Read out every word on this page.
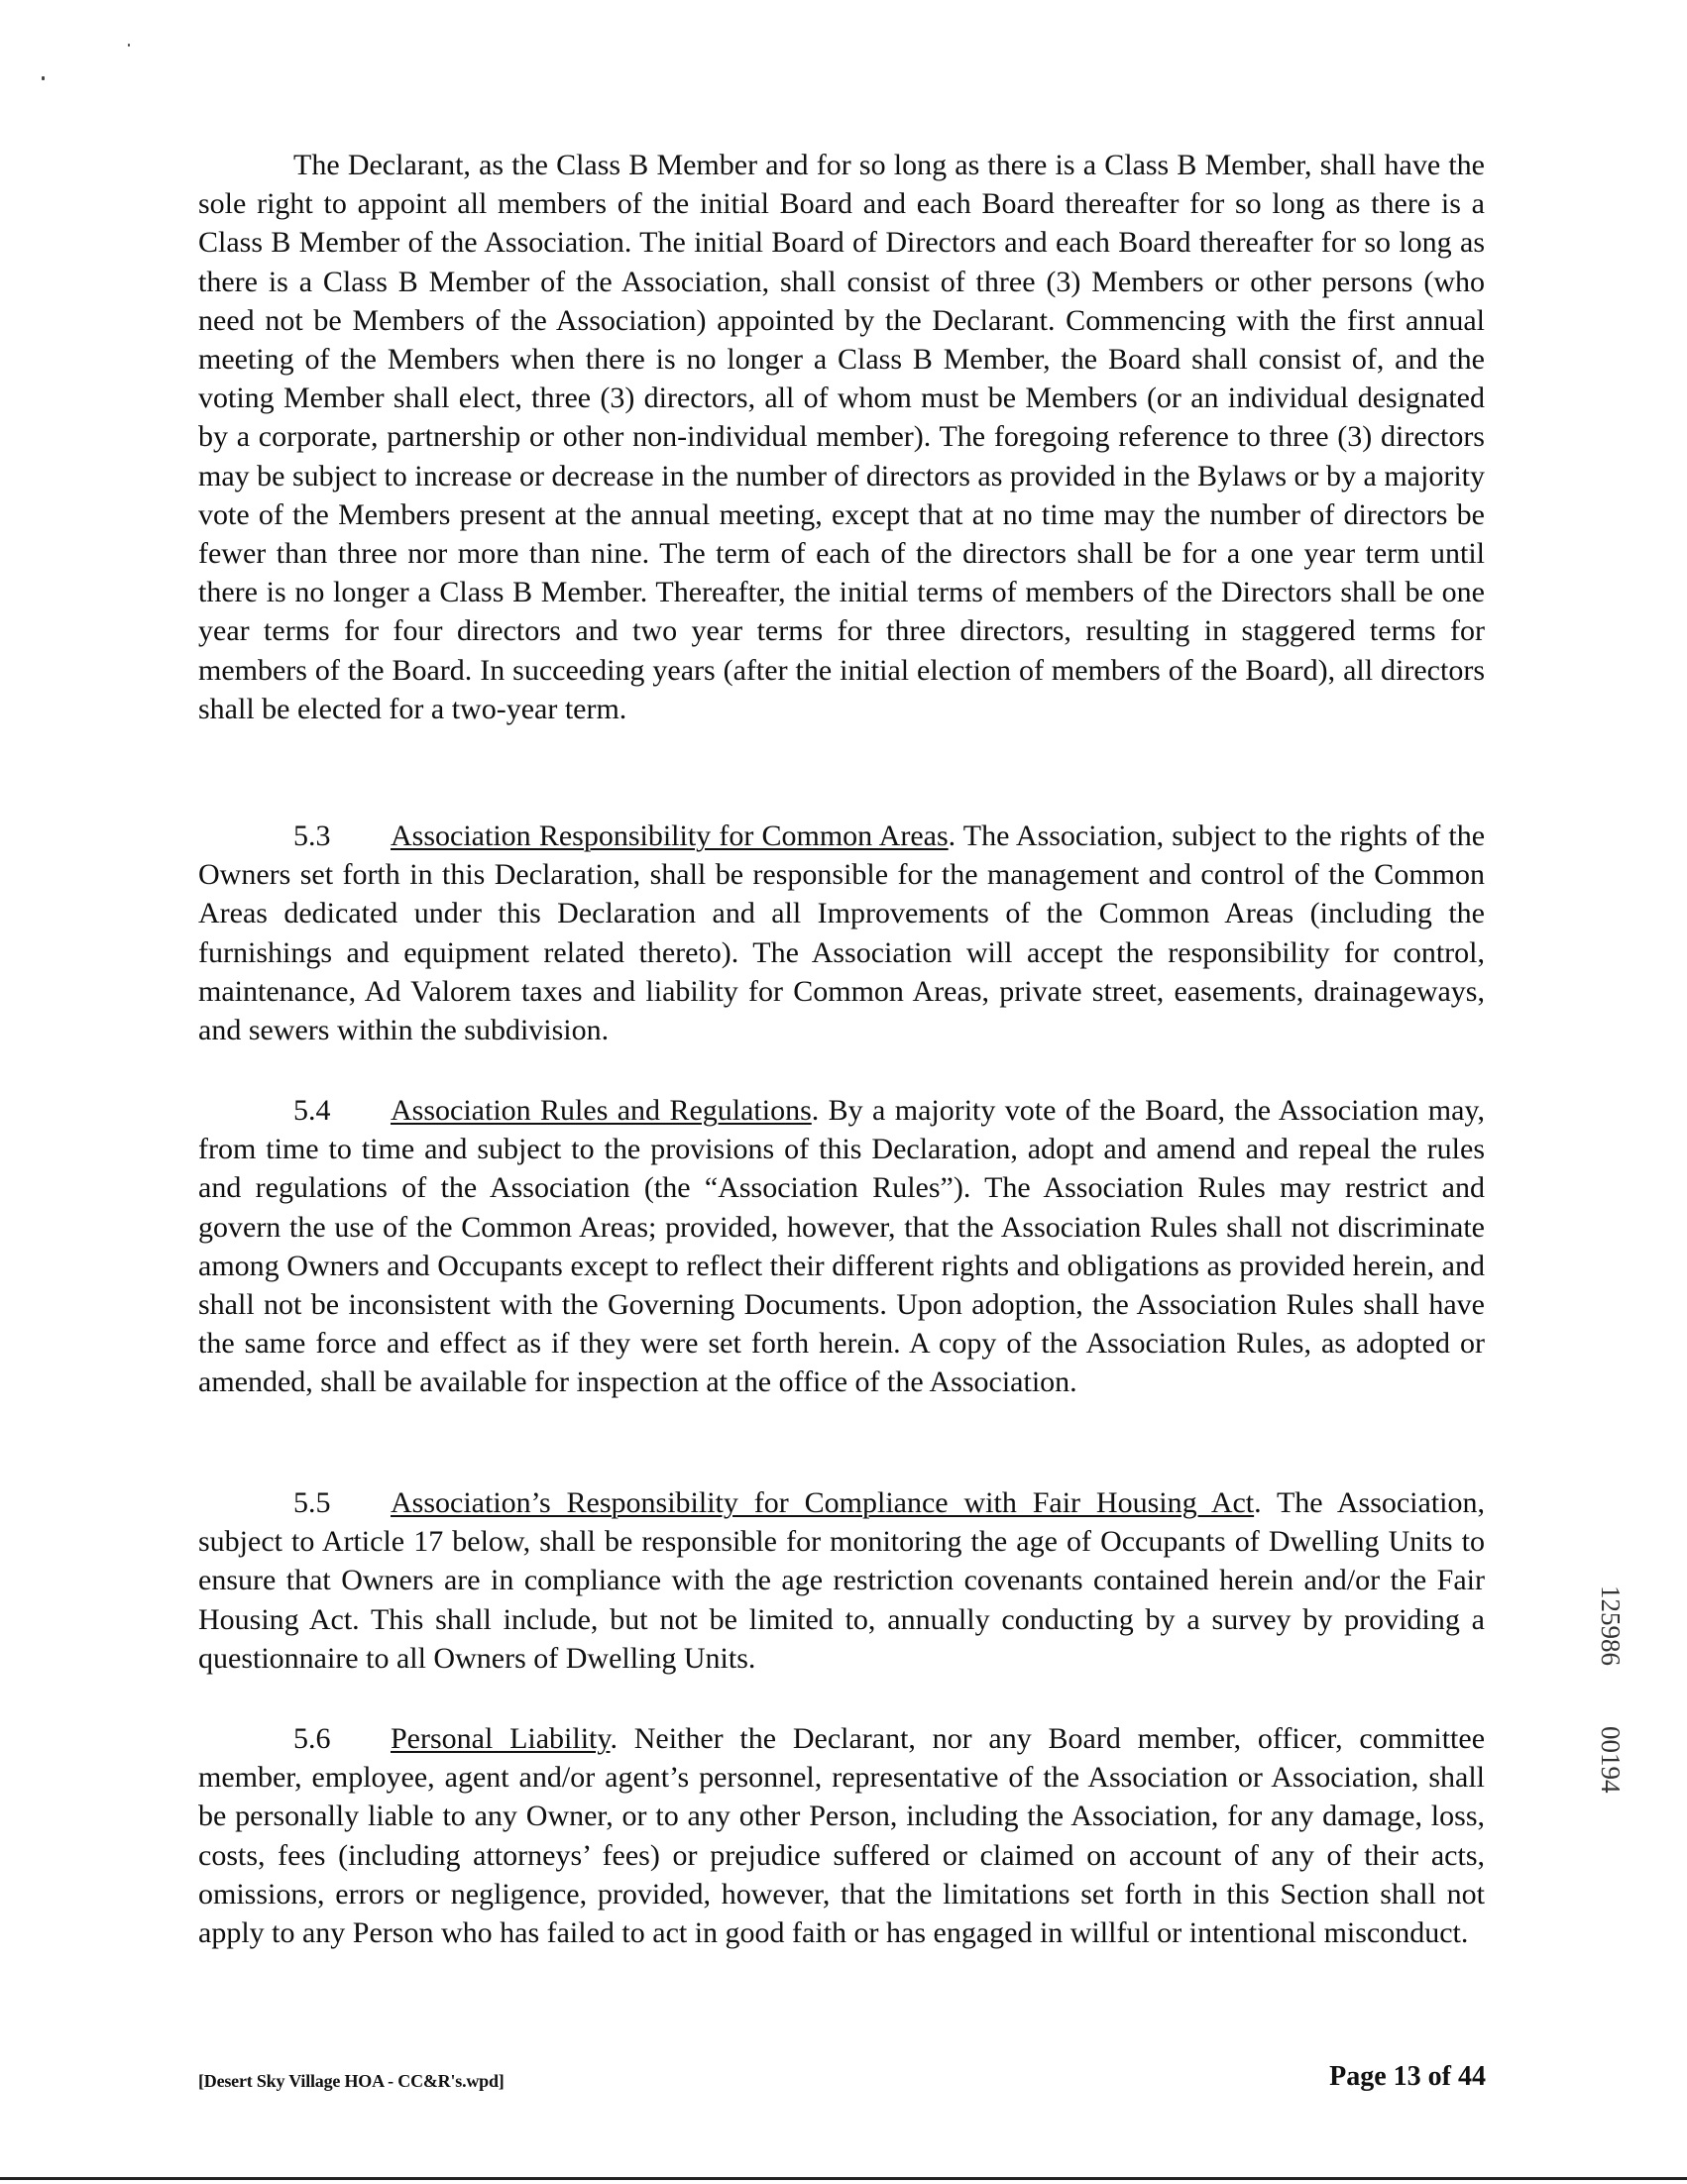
The Declarant, as the Class B Member and for so long as there is a Class B Member, shall have the sole right to appoint all members of the initial Board and each Board thereafter for so long as there is a Class B Member of the Association. The initial Board of Directors and each Board thereafter for so long as there is a Class B Member of the Association, shall consist of three (3) Members or other persons (who need not be Members of the Association) appointed by the Declarant. Commencing with the first annual meeting of the Members when there is no longer a Class B Member, the Board shall consist of, and the voting Member shall elect, three (3) directors, all of whom must be Members (or an individual designated by a corporate, partnership or other non-individual member). The foregoing reference to three (3) directors may be subject to increase or decrease in the number of directors as provided in the Bylaws or by a majority vote of the Members present at the annual meeting, except that at no time may the number of directors be fewer than three nor more than nine. The term of each of the directors shall be for a one year term until there is no longer a Class B Member. Thereafter, the initial terms of members of the Directors shall be one year terms for four directors and two year terms for three directors, resulting in staggered terms for members of the Board. In succeeding years (after the initial election of members of the Board), all directors shall be elected for a two-year term.

5.3 Association Responsibility for Common Areas. The Association, subject to the rights of the Owners set forth in this Declaration, shall be responsible for the management and control of the Common Areas dedicated under this Declaration and all Improvements of the Common Areas (including the furnishings and equipment related thereto). The Association will accept the responsibility for control, maintenance, Ad Valorem taxes and liability for Common Areas, private street, easements, drainageways, and sewers within the subdivision.

5.4 Association Rules and Regulations. By a majority vote of the Board, the Association may, from time to time and subject to the provisions of this Declaration, adopt and amend and repeal the rules and regulations of the Association (the “Association Rules”). The Association Rules may restrict and govern the use of the Common Areas; provided, however, that the Association Rules shall not discriminate among Owners and Occupants except to reflect their different rights and obligations as provided herein, and shall not be inconsistent with the Governing Documents. Upon adoption, the Association Rules shall have the same force and effect as if they were set forth herein. A copy of the Association Rules, as adopted or amended, shall be available for inspection at the office of the Association.

5.5 Association’s Responsibility for Compliance with Fair Housing Act. The Association, subject to Article 17 below, shall be responsible for monitoring the age of Occupants of Dwelling Units to ensure that Owners are in compliance with the age restriction covenants contained herein and/or the Fair Housing Act. This shall include, but not be limited to, annually conducting by a survey by providing a questionnaire to all Owners of Dwelling Units.

5.6 Personal Liability. Neither the Declarant, nor any Board member, officer, committee member, employee, agent and/or agent’s personnel, representative of the Association or Association, shall be personally liable to any Owner, or to any other Person, including the Association, for any damage, loss, costs, fees (including attorneys’ fees) or prejudice suffered or claimed on account of any of their acts, omissions, errors or negligence, provided, however, that the limitations set forth in this Section shall not apply to any Person who has failed to act in good faith or has engaged in willful or intentional misconduct.

125986
00194
[Desert Sky Village HOA - CC&R's.wpd]	Page 13 of 44
